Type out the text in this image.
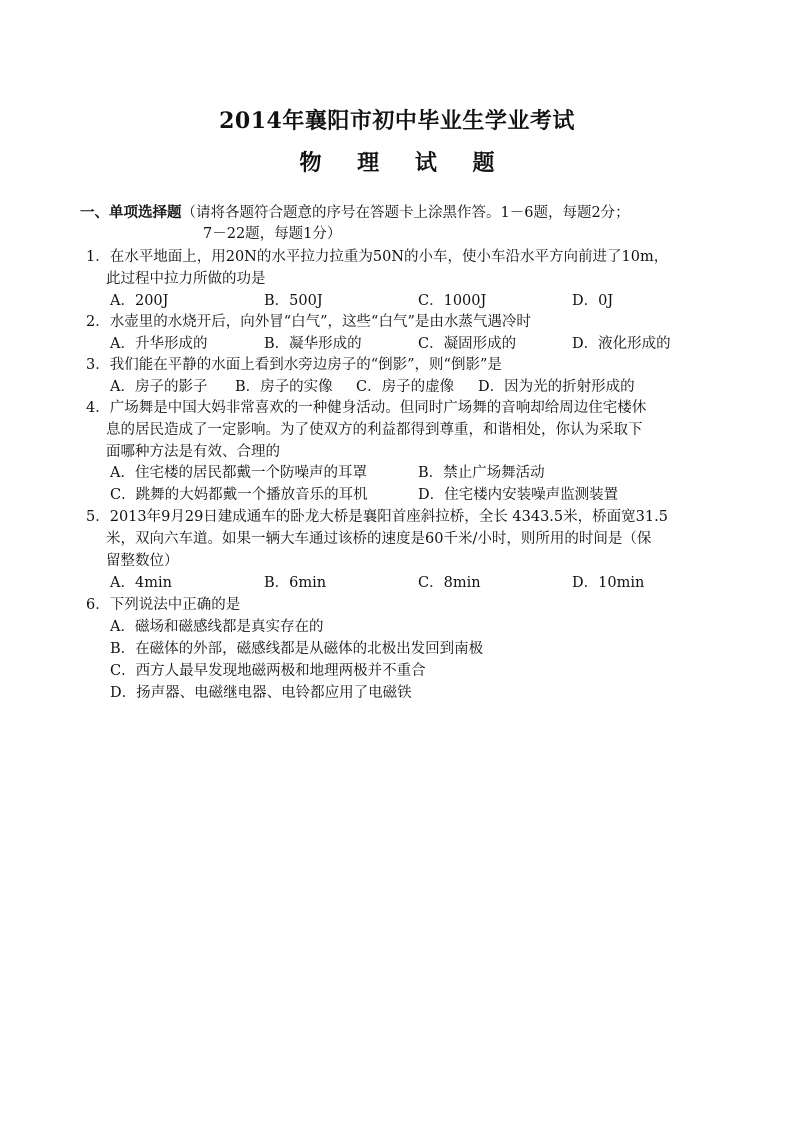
2014年襄阳市初中毕业生学业考试
物 理 试 题
一、单项选择题（请将各题符合题意的序号在答题卡上涂黑作答。1－6题，每题2分；
7－22题，每题1分）
1．在水平地面上，用20N的水平拉力拉重为50N的小车，使小车沿水平方向前进了10m，
此过程中拉力所做的功是
A．200J	B．500J	C．1000J	D．0J
2．水壶里的水烧开后，向外冒“白气”，这些“白气”是由水蒸气遇冷时
A．升华形成的	B．凝华形成的	C．凝固形成的	D．液化形成的
3．我们能在平静的水面上看到水旁边房子的“倒影”，则“倒影”是
A．房子的影子 B．房子的实像 C．房子的虚像 D．因为光的折射形成的
4．广场舞是中国大妈非常喜欢的一种健身活动。但同时广场舞的音响却给周边住宅楼休
息的居民造成了一定影响。为了使双方的利益都得到尊重，和谐相处，你认为采取下
面哪种方法是有效、合理的
A．住宅楼的居民都戴一个防噪声的耳罩	B．禁止广场舞活动
C．跳舞的大妈都戴一个播放音乐的耳机	D．住宅楼内安装噪声监测装置
5．2013年9月29日建成通车的卧龙大桥是襄阳首座斜拉桥，全长 4343.5米，桥面宽31.5
米，双向六车道。如果一辆大车通过该桥的速度是60千米/小时，则所用的时间是（保
留整数位）
A．4min	B．6min	C．8min	D．10min
6．下列说法中正确的是
A．磁场和磁感线都是真实存在的
B．在磁体的外部，磁感线都是从磁体的北极出发回到南极
C．西方人最早发现地磁两极和地理两极并不重合
D．扬声器、电磁继电器、电铃都应用了电磁铁
